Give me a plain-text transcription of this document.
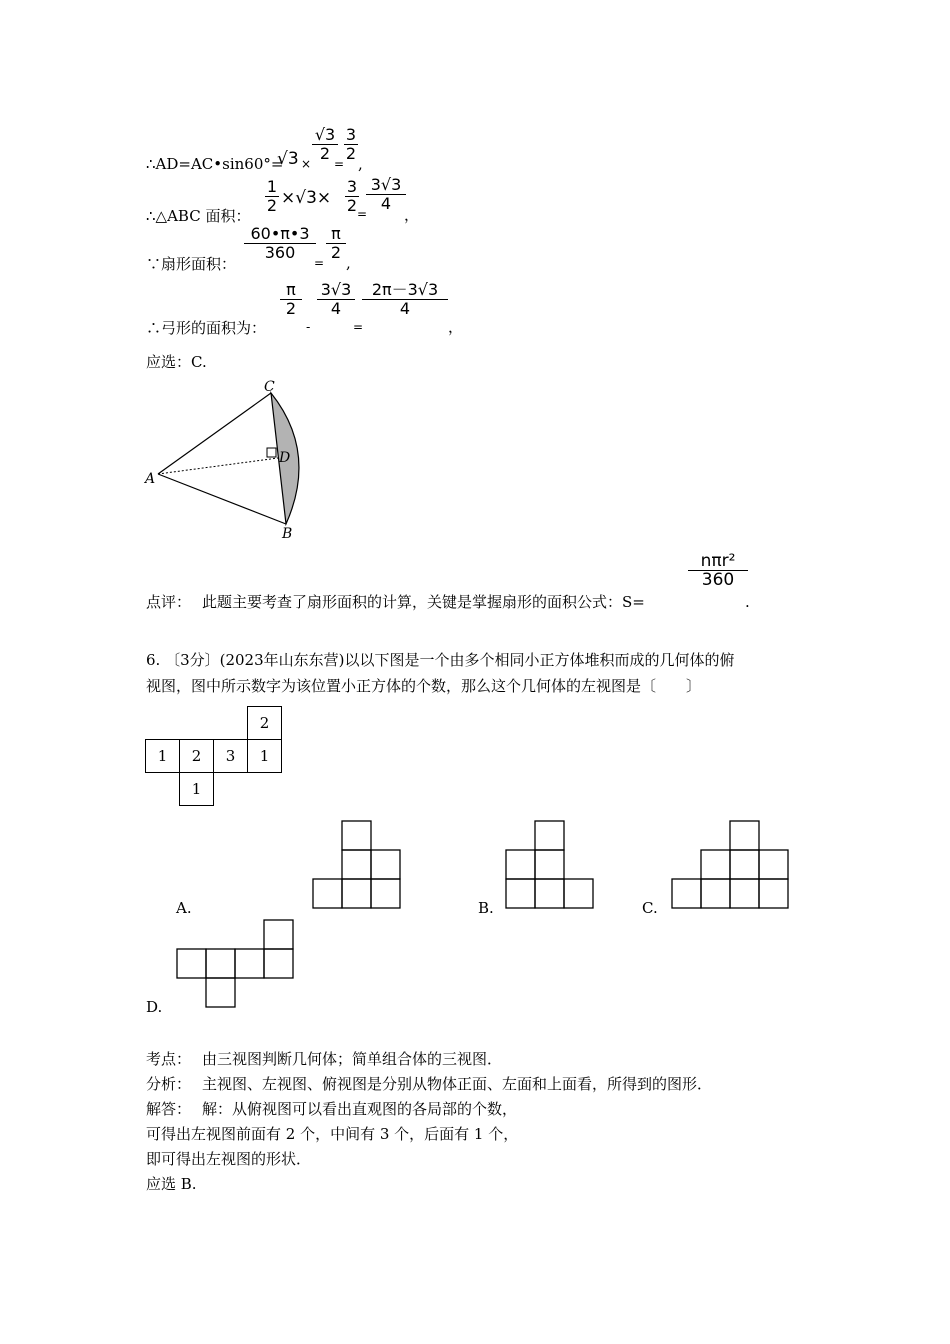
∴AD=AC•sin60°=
√3 ×
$\frac{√3}{2}$
=
$\frac{3}{2}$
,
∴△ABC 面积：
$\frac{1}{2} \times√3\times \frac{3}{2}$
=
$\frac{3√3}{4}$
，
∵扇形面积：
$\frac{60•\pi•3}{360}$
=
$\frac{\pi}{2}$
,
∴弓形的面积为：
$\frac{\pi}{2}$
-
$\frac{3√3}{4}$
=
$\frac{2\pi-3√3}{4}$
，
应选：C.
C
D
A
B
点评： 此题主要考查了扇形面积的计算，关键是掌握扇形的面积公式：S=
nπr²
360
.
6. 〔3分〕(2023年山东东营)以以下图是一个由多个相同小正方体堆积而成的几何体的俯
视图，图中所示数字为该位置小正方体的个数，那么这个几何体的左视图是〔　　〕
			2
1	2	3	1
	1		
A.	B.	C.
D.
考点： 由三视图判断几何体；简单组合体的三视图．
分析： 主视图、左视图、俯视图是分别从物体正面、左面和上面看，所得到的图形．
解答： 解：从俯视图可以看出直观图的各局部的个数，
可得出左视图前面有 2 个，中间有 3 个，后面有 1 个，
即可得出左视图的形状．
应选 B.
